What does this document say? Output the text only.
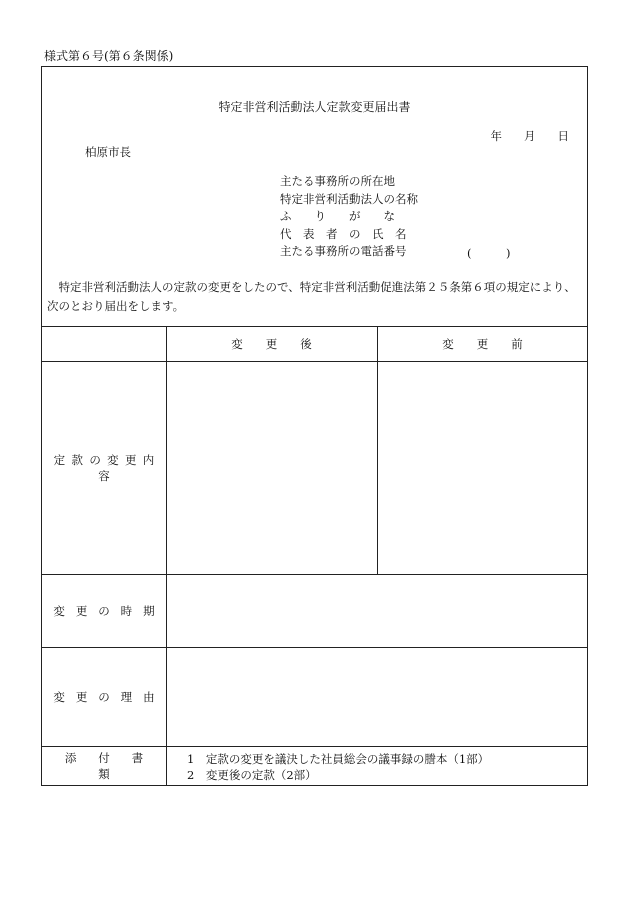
様式第６号(第６条関係)
特定非営利活動法人定款変更届出書
年 月 日
柏原市長
主たる事務所の所在地
特定非営利活動法人の名称
ふ　　り　　が　　な
代　表　者　の　氏　名
主たる事務所の電話番号	(　　　)
　特定非営利活動法人の定款の変更をしたので、特定非営利活動促進法第２５条第６項の規定により、
次のとおり届出をします。
変　　更　　後	変　　更　　前
定款の変更内容
変更の時期
変更の理由
添付書類
1　定款の変更を議決した社員総会の議事録の謄本（1部）
2　変更後の定款（2部）
